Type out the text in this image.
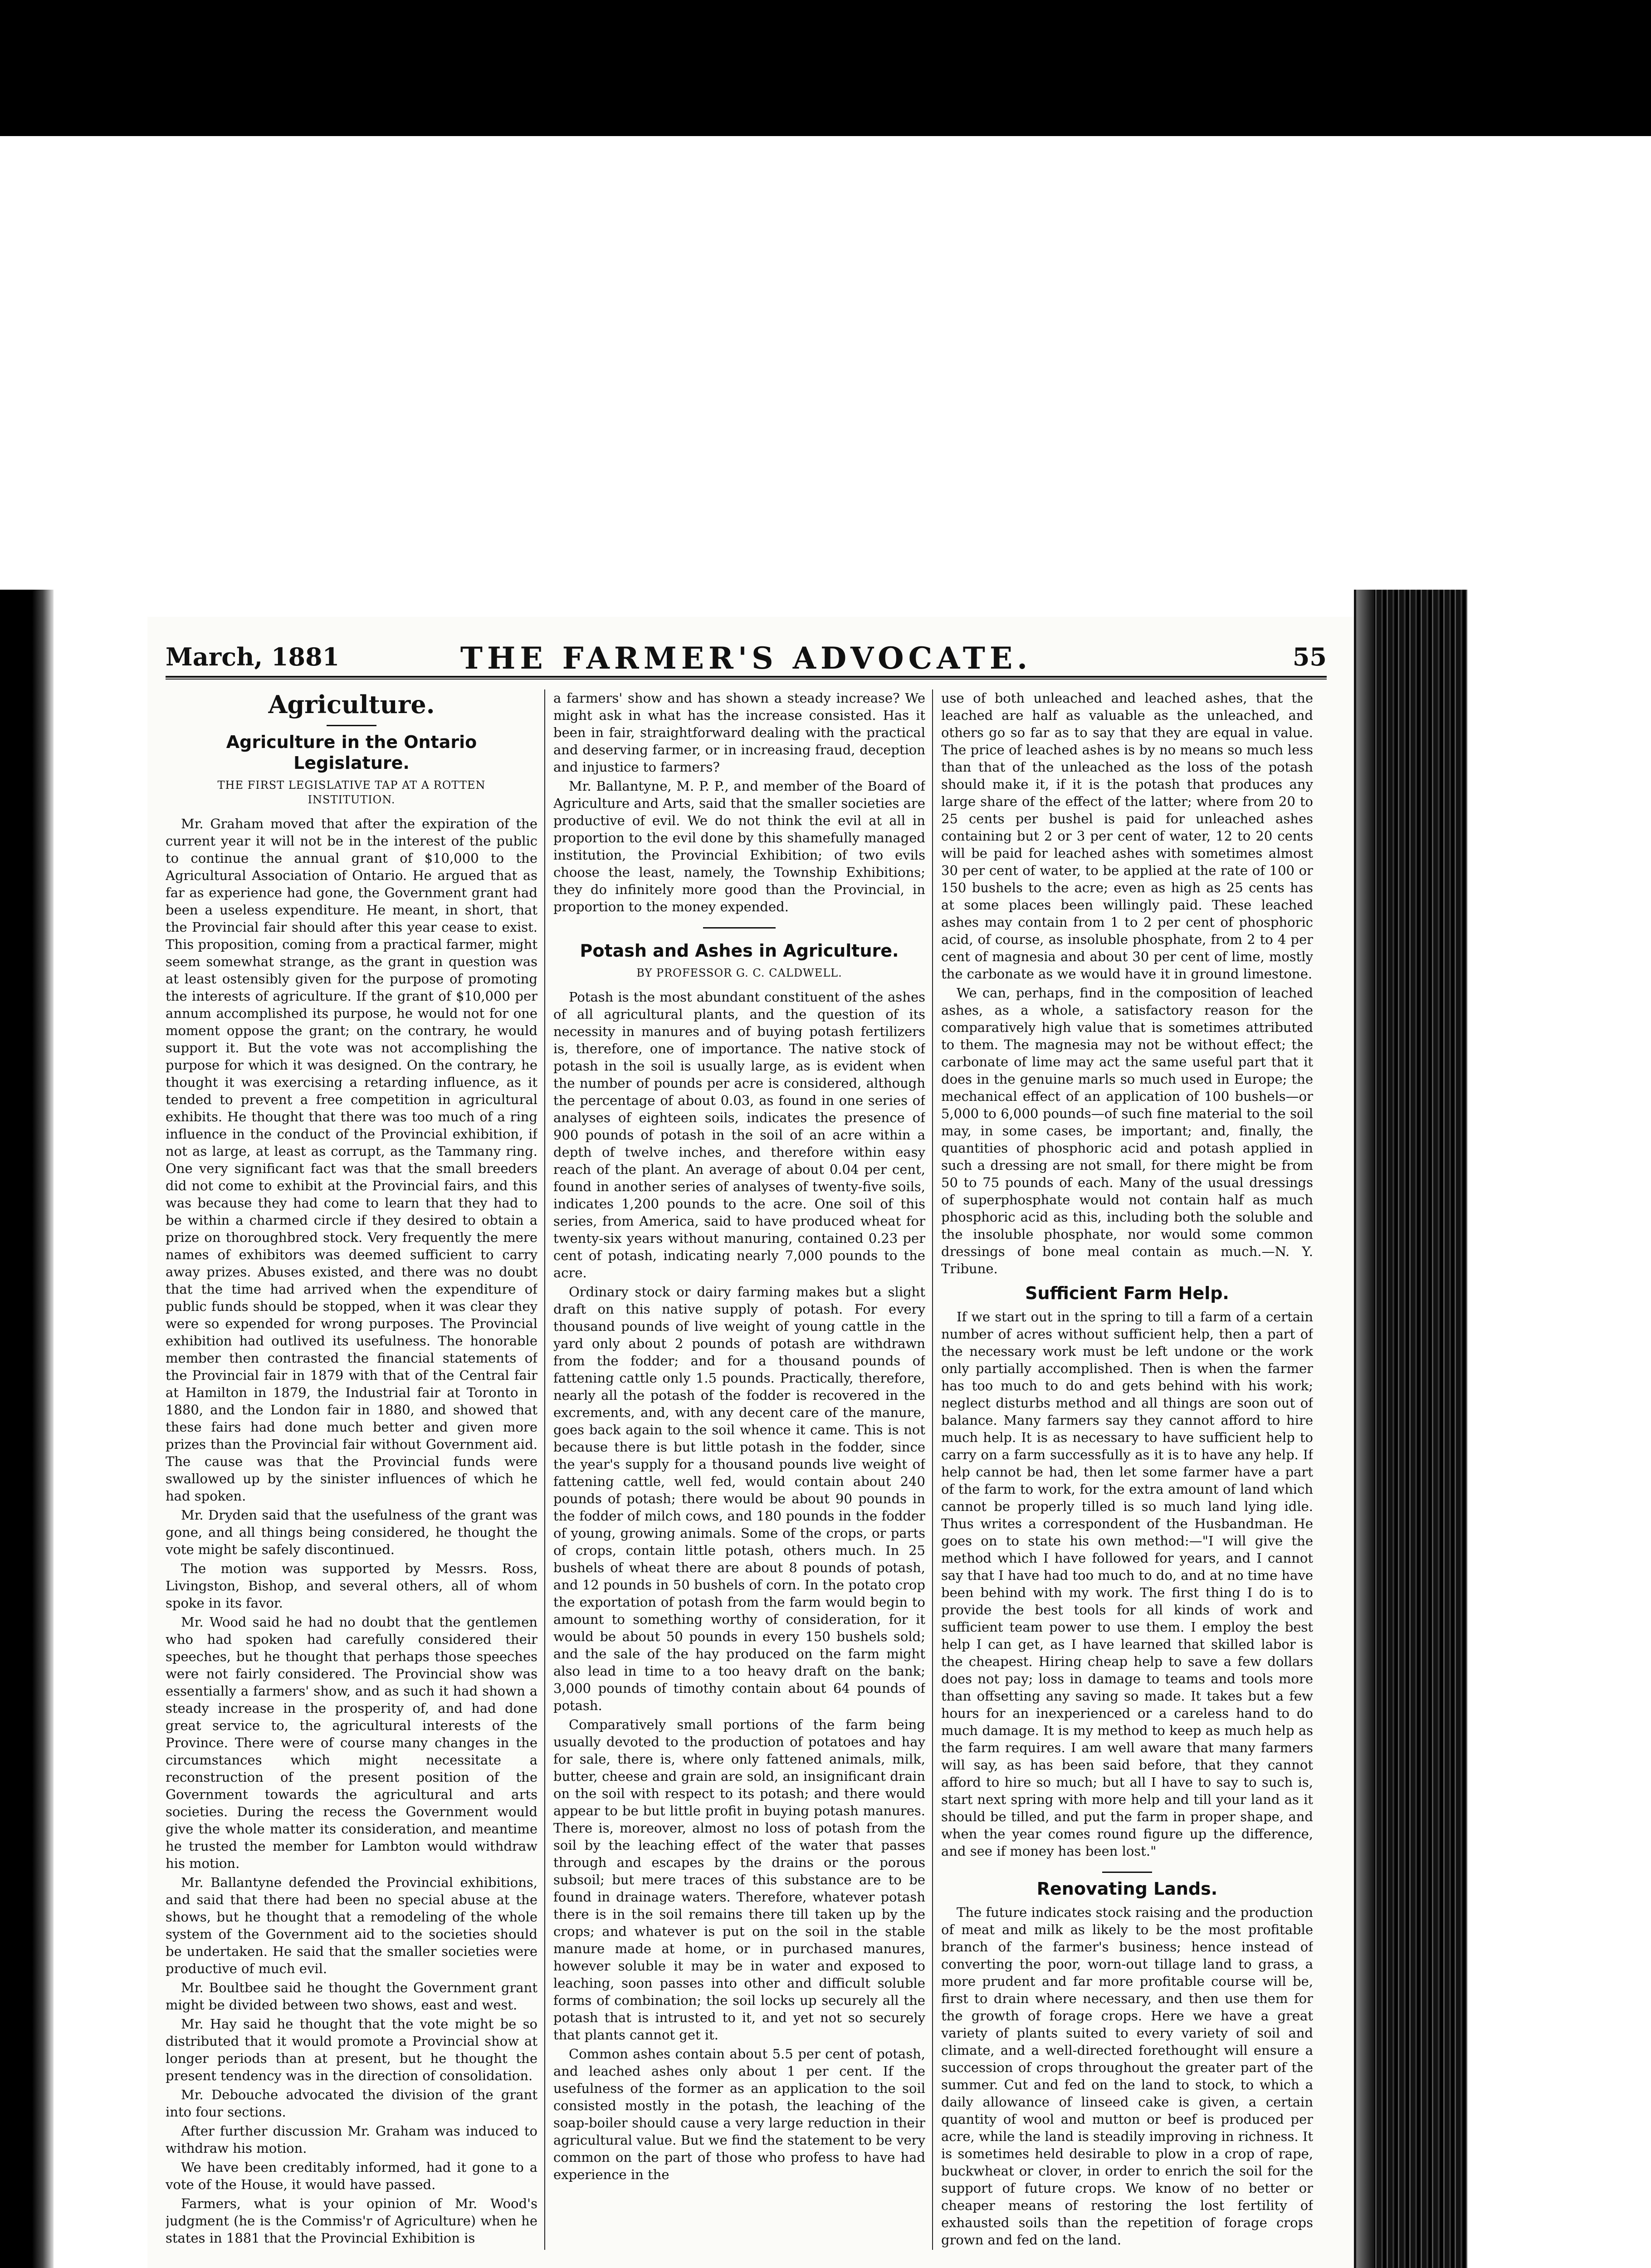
March, 1881	THE FARMER'S ADVOCATE.	55
Agriculture.
Agriculture in the Ontario Legislature.
THE FIRST LEGISLATIVE TAP AT A ROTTEN INSTITUTION.

Mr. Graham moved that after the expiration of the current year it will not be in the interest of the public to continue the annual grant of $10,000 to the Agricultural Association of Ontario. He argued that as far as experience had gone, the Government grant had been a useless expenditure. He meant, in short, that the Provincial fair should after this year cease to exist. This proposition, coming from a practical farmer, might seem somewhat strange, as the grant in question was at least ostensibly given for the purpose of promoting the interests of agriculture. If the grant of $10,000 per annum accomplished its purpose, he would not for one moment oppose the grant; on the contrary, he would support it. But the vote was not accomplishing the purpose for which it was designed. On the contrary, he thought it was exercising a retarding influence, as it tended to prevent a free competition in agricultural exhibits. He thought that there was too much of a ring influence in the conduct of the Provincial exhibition, if not as large, at least as corrupt, as the Tammany ring. One very significant fact was that the small breeders did not come to exhibit at the Provincial fairs, and this was because they had come to learn that they had to be within a charmed circle if they desired to obtain a prize on thoroughbred stock. Very frequently the mere names of exhibitors was deemed sufficient to carry away prizes. Abuses existed, and there was no doubt that the time had arrived when the expenditure of public funds should be stopped, when it was clear they were so expended for wrong purposes. The Provincial exhibition had outlived its usefulness. The honorable member then contrasted the financial statements of the Provincial fair in 1879 with that of the Central fair at Hamilton in 1879, the Industrial fair at Toronto in 1880, and the London fair in 1880, and showed that these fairs had done much better and given more prizes than the Provincial fair without Government aid. The cause was that the Provincial funds were swallowed up by the sinister influences of which he had spoken.

Mr. Dryden said that the usefulness of the grant was gone, and all things being considered, he thought the vote might be safely discontinued.

The motion was supported by Messrs. Ross, Livingston, Bishop, and several others, all of whom spoke in its favor.

Mr. Wood said he had no doubt that the gentlemen who had spoken had carefully considered their speeches, but he thought that perhaps those speeches were not fairly considered. The Provincial show was essentially a farmers' show, and as such it had shown a steady increase in the prosperity of, and had done great service to, the agricultural interests of the Province. There were of course many changes in the circumstances which might necessitate a reconstruction of the present position of the Government towards the agricultural and arts societies. During the recess the Government would give the whole matter its consideration, and meantime he trusted the member for Lambton would withdraw his motion.

Mr. Ballantyne defended the Provincial exhibitions, and said that there had been no special abuse at the shows, but he thought that a remodeling of the whole system of the Government aid to the societies should be undertaken. He said that the smaller societies were productive of much evil.

Mr. Boultbee said he thought the Government grant might be divided between two shows, east and west.

Mr. Hay said he thought that the vote might be so distributed that it would promote a Provincial show at longer periods than at present, but he thought the present tendency was in the direction of consolidation.

Mr. Debouche advocated the division of the grant into four sections.

After further discussion Mr. Graham was induced to withdraw his motion.

We have been creditably informed, had it gone to a vote of the House, it would have passed.

Farmers, what is your opinion of Mr. Wood's judgment (he is the Commiss'r of Agriculture) when he states in 1881 that the Provincial Exhibition is

a farmers' show and has shown a steady increase? We might ask in what has the increase consisted. Has it been in fair, straightforward dealing with the practical and deserving farmer, or in increasing fraud, deception and injustice to farmers?

Mr. Ballantyne, M. P. P., and member of the Board of Agriculture and Arts, said that the smaller societies are productive of evil. We do not think the evil at all in proportion to the evil done by this shamefully managed institution, the Provincial Exhibition; of two evils choose the least, namely, the Township Exhibitions; they do infinitely more good than the Provincial, in proportion to the money expended.

Potash and Ashes in Agriculture.
BY PROFESSOR G. C. CALDWELL.

Potash is the most abundant constituent of the ashes of all agricultural plants, and the question of its necessity in manures and of buying potash fertilizers is, therefore, one of importance. The native stock of potash in the soil is usually large, as is evident when the number of pounds per acre is considered, although the percentage of about 0.03, as found in one series of analyses of eighteen soils, indicates the presence of 900 pounds of potash in the soil of an acre within a depth of twelve inches, and therefore within easy reach of the plant. An average of about 0.04 per cent, found in another series of analyses of twenty-five soils, indicates 1,200 pounds to the acre. One soil of this series, from America, said to have produced wheat for twenty-six years without manuring, contained 0.23 per cent of potash, indicating nearly 7,000 pounds to the acre.

Ordinary stock or dairy farming makes but a slight draft on this native supply of potash. For every thousand pounds of live weight of young cattle in the yard only about 2 pounds of potash are withdrawn from the fodder; and for a thousand pounds of fattening cattle only 1.5 pounds. Practically, therefore, nearly all the potash of the fodder is recovered in the excrements, and, with any decent care of the manure, goes back again to the soil whence it came. This is not because there is but little potash in the fodder, since the year's supply for a thousand pounds live weight of fattening cattle, well fed, would contain about 240 pounds of potash; there would be about 90 pounds in the fodder of milch cows, and 180 pounds in the fodder of young, growing animals. Some of the crops, or parts of crops, contain little potash, others much. In 25 bushels of wheat there are about 8 pounds of potash, and 12 pounds in 50 bushels of corn. In the potato crop the exportation of potash from the farm would begin to amount to something worthy of consideration, for it would be about 50 pounds in every 150 bushels sold; and the sale of the hay produced on the farm might also lead in time to a too heavy draft on the bank; 3,000 pounds of timothy contain about 64 pounds of potash.

Comparatively small portions of the farm being usually devoted to the production of potatoes and hay for sale, there is, where only fattened animals, milk, butter, cheese and grain are sold, an insignificant drain on the soil with respect to its potash; and there would appear to be but little profit in buying potash manures. There is, moreover, almost no loss of potash from the soil by the leaching effect of the water that passes through and escapes by the drains or the porous subsoil; but mere traces of this substance are to be found in drainage waters. Therefore, whatever potash there is in the soil remains there till taken up by the crops; and whatever is put on the soil in the stable manure made at home, or in purchased manures, however soluble it may be in water and exposed to leaching, soon passes into other and difficult soluble forms of combination; the soil locks up securely all the potash that is intrusted to it, and yet not so securely that plants cannot get it.

Common ashes contain about 5.5 per cent of potash, and leached ashes only about 1 per cent. If the usefulness of the former as an application to the soil consisted mostly in the potash, the leaching of the soap-boiler should cause a very large reduction in their agricultural value. But we find the statement to be very common on the part of those who profess to have had experience in the

use of both unleached and leached ashes, that the leached are half as valuable as the unleached, and others go so far as to say that they are equal in value. The price of leached ashes is by no means so much less than that of the unleached as the loss of the potash should make it, if it is the potash that produces any large share of the effect of the latter; where from 20 to 25 cents per bushel is paid for unleached ashes containing but 2 or 3 per cent of water, 12 to 20 cents will be paid for leached ashes with sometimes almost 30 per cent of water, to be applied at the rate of 100 or 150 bushels to the acre; even as high as 25 cents has at some places been willingly paid. These leached ashes may contain from 1 to 2 per cent of phosphoric acid, of course, as insoluble phosphate, from 2 to 4 per cent of magnesia and about 30 per cent of lime, mostly the carbonate as we would have it in ground limestone.

We can, perhaps, find in the composition of leached ashes, as a whole, a satisfactory reason for the comparatively high value that is sometimes attributed to them. The magnesia may not be without effect; the carbonate of lime may act the same useful part that it does in the genuine marls so much used in Europe; the mechanical effect of an application of 100 bushels—or 5,000 to 6,000 pounds—of such fine material to the soil may, in some cases, be important; and, finally, the quantities of phosphoric acid and potash applied in such a dressing are not small, for there might be from 50 to 75 pounds of each. Many of the usual dressings of superphosphate would not contain half as much phosphoric acid as this, including both the soluble and the insoluble phosphate, nor would some common dressings of bone meal contain as much.—N. Y. Tribune.

Sufficient Farm Help.

If we start out in the spring to till a farm of a certain number of acres without sufficient help, then a part of the necessary work must be left undone or the work only partially accomplished. Then is when the farmer has too much to do and gets behind with his work; neglect disturbs method and all things are soon out of balance. Many farmers say they cannot afford to hire much help. It is as necessary to have sufficient help to carry on a farm successfully as it is to have any help. If help cannot be had, then let some farmer have a part of the farm to work, for the extra amount of land which cannot be properly tilled is so much land lying idle. Thus writes a correspondent of the Husbandman. He goes on to state his own method:—"I will give the method which I have followed for years, and I cannot say that I have had too much to do, and at no time have been behind with my work. The first thing I do is to provide the best tools for all kinds of work and sufficient team power to use them. I employ the best help I can get, as I have learned that skilled labor is the cheapest. Hiring cheap help to save a few dollars does not pay; loss in damage to teams and tools more than offsetting any saving so made. It takes but a few hours for an inexperienced or a careless hand to do much damage. It is my method to keep as much help as the farm requires. I am well aware that many farmers will say, as has been said before, that they cannot afford to hire so much; but all I have to say to such is, start next spring with more help and till your land as it should be tilled, and put the farm in proper shape, and when the year comes round figure up the difference, and see if money has been lost."

Renovating Lands.

The future indicates stock raising and the production of meat and milk as likely to be the most profitable branch of the farmer's business; hence instead of converting the poor, worn-out tillage land to grass, a more prudent and far more profitable course will be, first to drain where necessary, and then use them for the growth of forage crops. Here we have a great variety of plants suited to every variety of soil and climate, and a well-directed forethought will ensure a succession of crops throughout the greater part of the summer. Cut and fed on the land to stock, to which a daily allowance of linseed cake is given, a certain quantity of wool and mutton or beef is produced per acre, while the land is steadily improving in richness. It is sometimes held desirable to plow in a crop of rape, buckwheat or clover, in order to enrich the soil for the support of future crops. We know of no better or cheaper means of restoring the lost fertility of exhausted soils than the repetition of forage crops grown and fed on the land.
